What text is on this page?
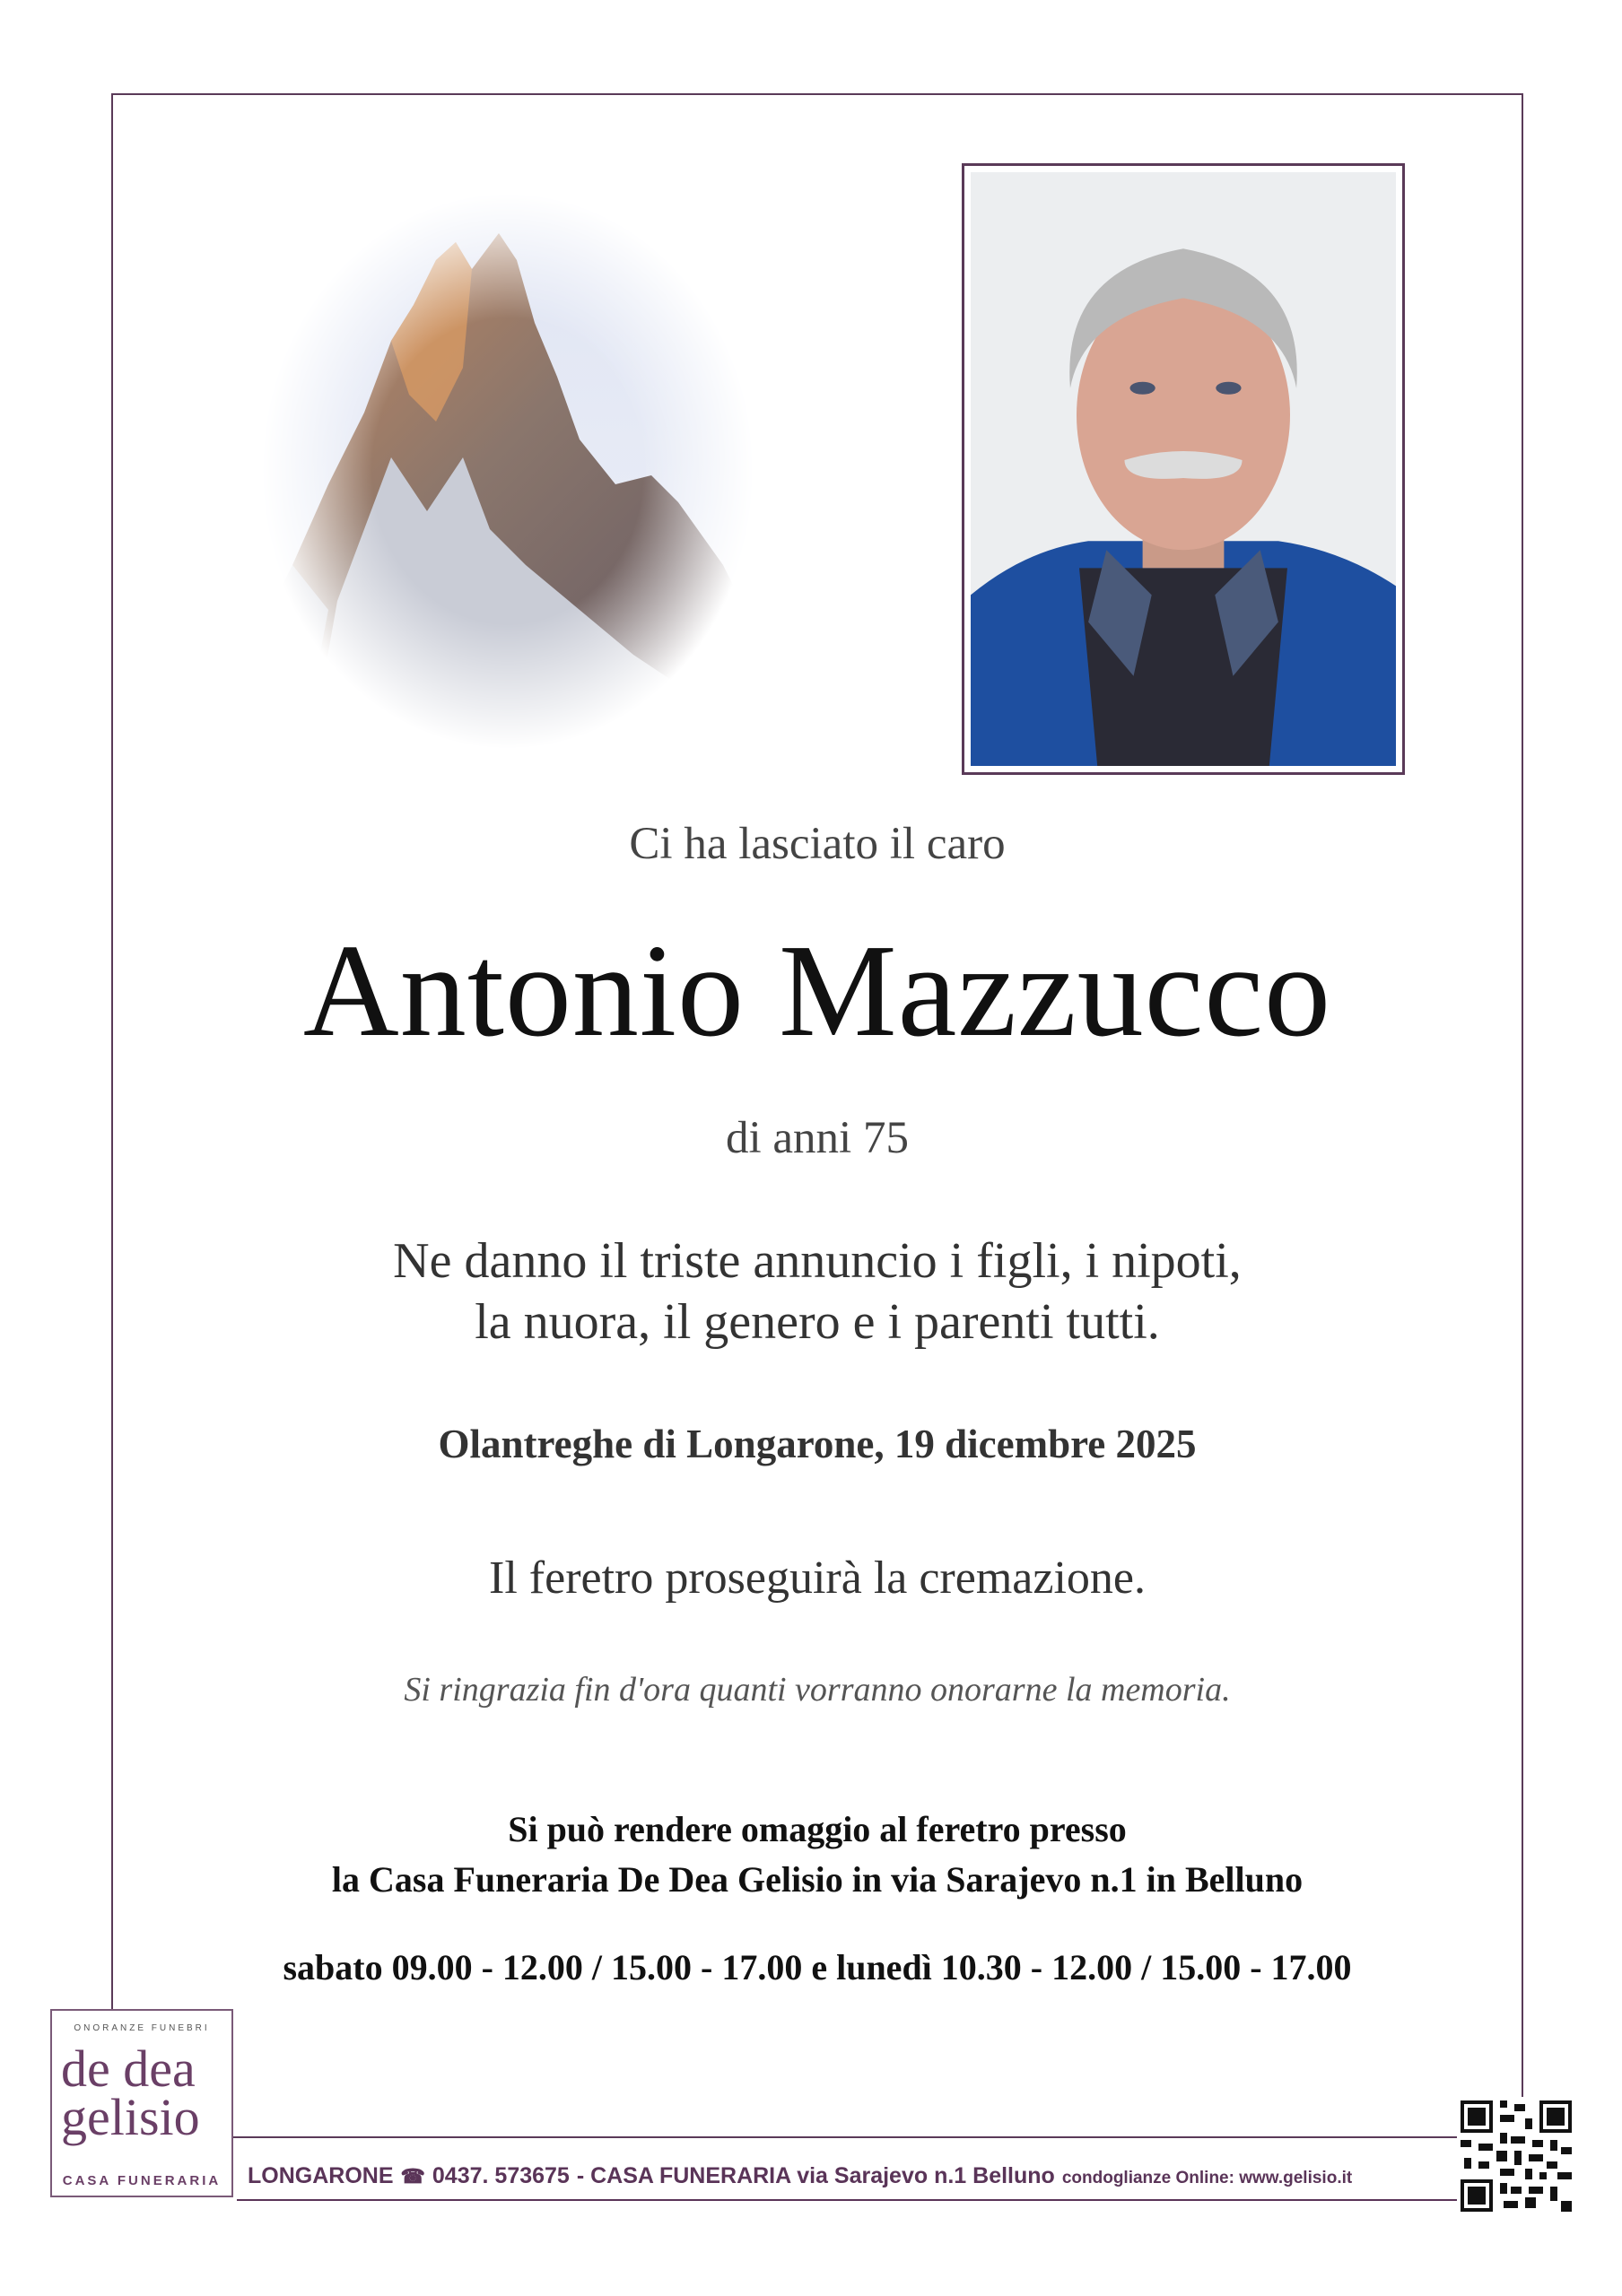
Ci ha lasciato il caro
Antonio Mazzucco
di anni 75
Ne danno il triste annuncio i figli, i nipoti,
la nuora, il genero e i parenti tutti.
Olantreghe di Longarone, 19 dicembre 2025
Il feretro proseguirà la cremazione.
Si ringrazia fin d'ora quanti vorranno onorarne la memoria.
Si può rendere omaggio al feretro presso
la Casa Funeraria De Dea Gelisio in via Sarajevo n.1 in Belluno
sabato 09.00 - 12.00 / 15.00 - 17.00 e lunedì 10.30 - 12.00 / 15.00 - 17.00
ONORANZE FUNEBRI
de dea
gelisio
CASA FUNERARIA	LONGARONE ☎ 0437. 573675 - CASA FUNERARIA via Sarajevo n.1 Belluno condoglianze Online: www.gelisio.it
